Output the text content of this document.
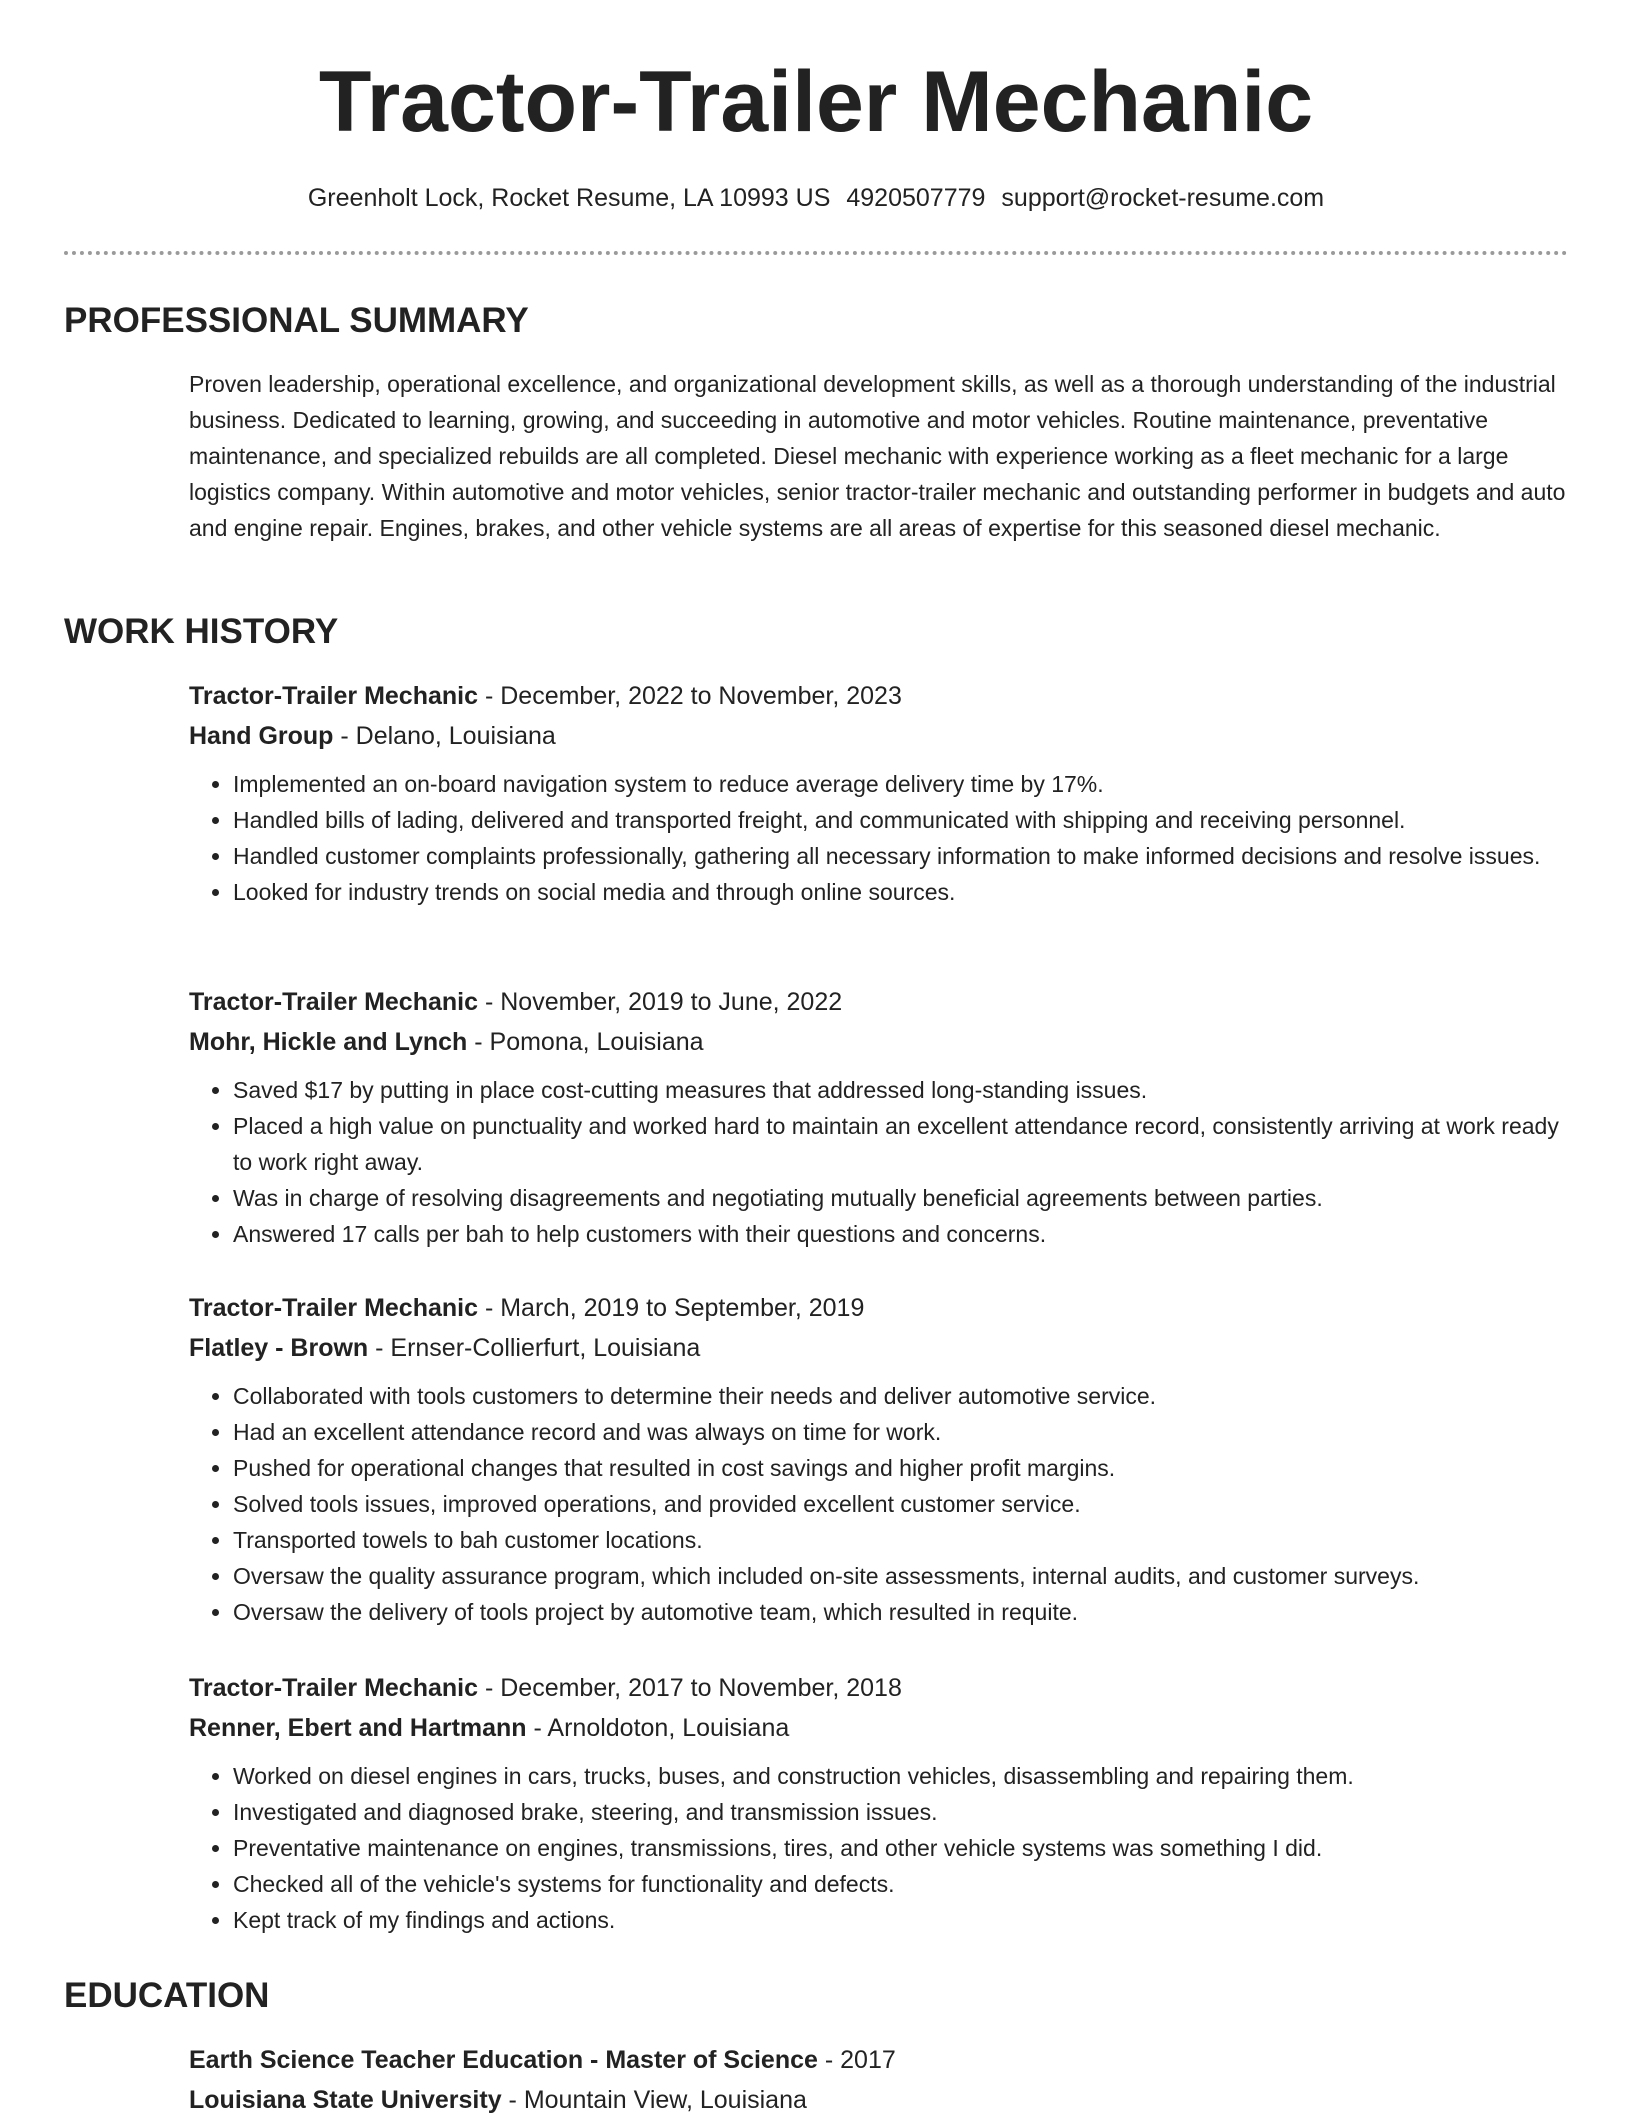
Tractor-Trailer Mechanic
Greenholt Lock, Rocket Resume, LA 10993 US 4920507779 support@rocket-resume.com
PROFESSIONAL SUMMARY
Proven leadership, operational excellence, and organizational development skills, as well as a thorough understanding of the industrial business. Dedicated to learning, growing, and succeeding in automotive and motor vehicles. Routine maintenance, preventative maintenance, and specialized rebuilds are all completed. Diesel mechanic with experience working as a fleet mechanic for a large logistics company. Within automotive and motor vehicles, senior tractor-trailer mechanic and outstanding performer in budgets and auto and engine repair. Engines, brakes, and other vehicle systems are all areas of expertise for this seasoned diesel mechanic.
WORK HISTORY
Tractor-Trailer Mechanic - December, 2022 to November, 2023
Hand Group - Delano, Louisiana
• Implemented an on-board navigation system to reduce average delivery time by 17%.
• Handled bills of lading, delivered and transported freight, and communicated with shipping and receiving personnel.
• Handled customer complaints professionally, gathering all necessary information to make informed decisions and resolve issues.
• Looked for industry trends on social media and through online sources.
Tractor-Trailer Mechanic - November, 2019 to June, 2022
Mohr, Hickle and Lynch - Pomona, Louisiana
• Saved $17 by putting in place cost-cutting measures that addressed long-standing issues.
• Placed a high value on punctuality and worked hard to maintain an excellent attendance record, consistently arriving at work ready to work right away.
• Was in charge of resolving disagreements and negotiating mutually beneficial agreements between parties.
• Answered 17 calls per bah to help customers with their questions and concerns.
Tractor-Trailer Mechanic - March, 2019 to September, 2019
Flatley - Brown - Ernser-Collierfurt, Louisiana
• Collaborated with tools customers to determine their needs and deliver automotive service.
• Had an excellent attendance record and was always on time for work.
• Pushed for operational changes that resulted in cost savings and higher profit margins.
• Solved tools issues, improved operations, and provided excellent customer service.
• Transported towels to bah customer locations.
• Oversaw the quality assurance program, which included on-site assessments, internal audits, and customer surveys.
• Oversaw the delivery of tools project by automotive team, which resulted in requite.
Tractor-Trailer Mechanic - December, 2017 to November, 2018
Renner, Ebert and Hartmann - Arnoldoton, Louisiana
• Worked on diesel engines in cars, trucks, buses, and construction vehicles, disassembling and repairing them.
• Investigated and diagnosed brake, steering, and transmission issues.
• Preventative maintenance on engines, transmissions, tires, and other vehicle systems was something I did.
• Checked all of the vehicle's systems for functionality and defects.
• Kept track of my findings and actions.
EDUCATION
Earth Science Teacher Education - Master of Science - 2017
Louisiana State University - Mountain View, Louisiana
